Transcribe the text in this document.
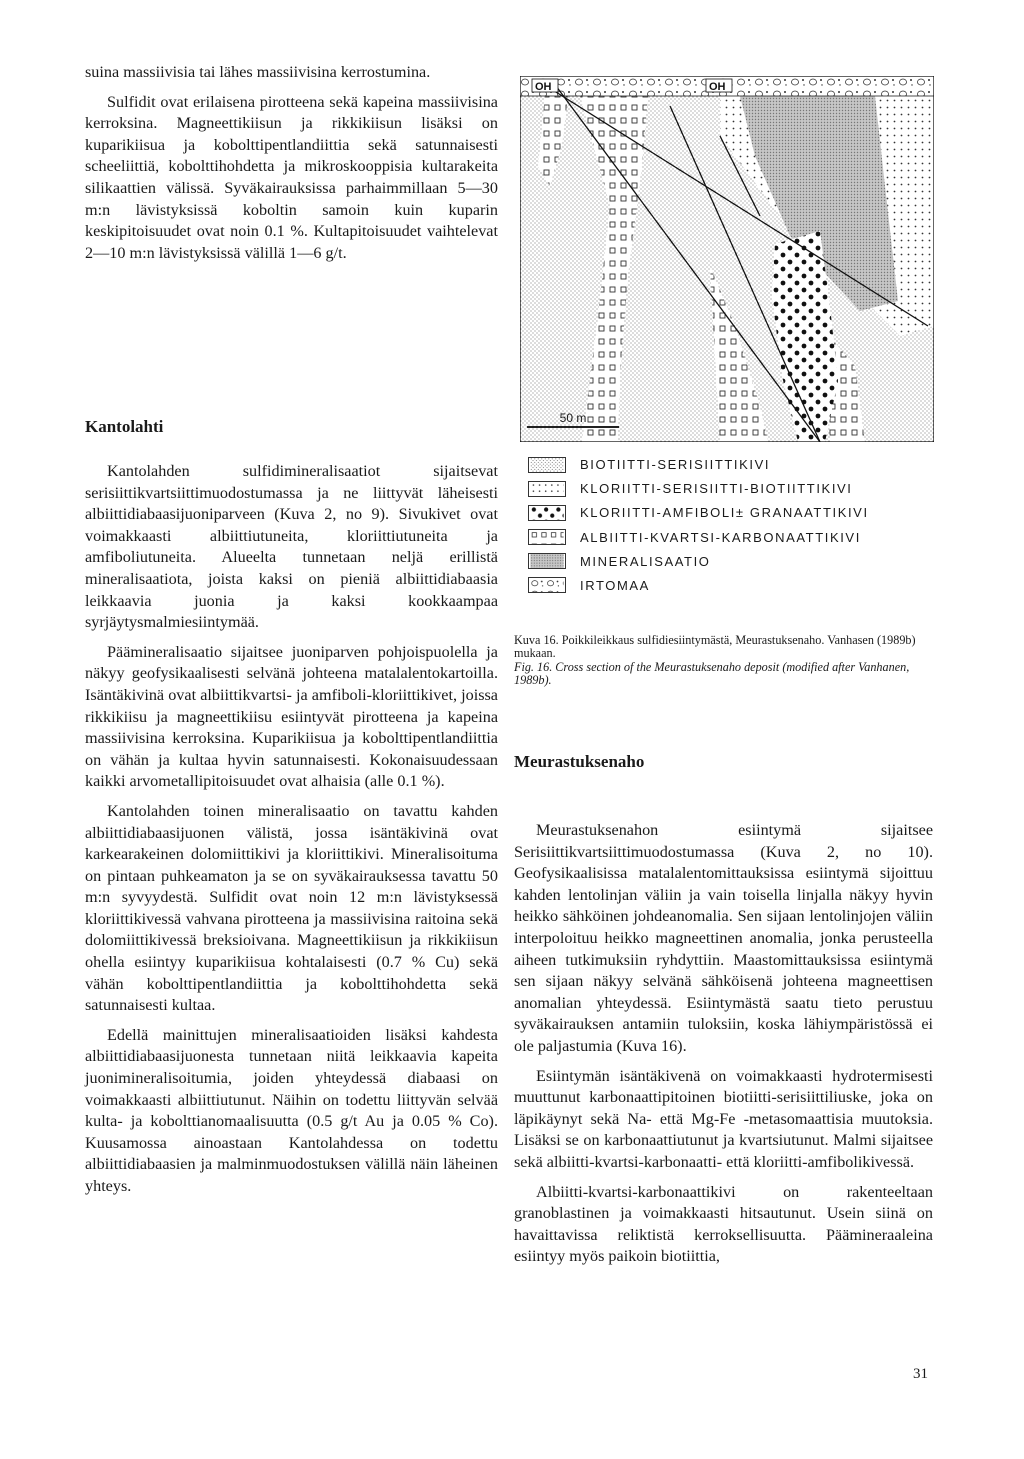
suina massiivisia tai lähes massiivisina kerrostumina.

Sulfidit ovat erilaisena pirotteena sekä kapeina massiivisina kerroksina. Magneettikiisun ja rikkikiisun lisäksi on kuparikiisua ja kobolttipentlandiittia sekä satunnaisesti scheeliittiä, kobolttihohdetta ja mikroskooppisia kultarakeita silikaattien välissä. Syväkairauksissa parhaimmillaan 5—30 m:n lävistyksissä koboltin samoin kuin kuparin keskipitoisuudet ovat noin 0.1 %. Kultapitoisuudet vaihtelevat 2—10 m:n lävistyksissä välillä 1—6 g/t.

Kantolahti

Kantolahden sulfidimineralisaatiot sijaitsevat serisiittikvartsiittimuodostumassa ja ne liittyvät läheisesti albiittidiabaasijuoniparveen (Kuva 2, no 9). Sivukivet ovat voimakkaasti albiittiutuneita, kloriittiutuneita ja amfiboliutuneita. Alueelta tunnetaan neljä erillistä mineralisaatiota, joista kaksi on pieniä albiittidiabaasia leikkaavia juonia ja kaksi kookkaampaa syrjäytysmalmiesiintymää.

Päämineralisaatio sijaitsee juoniparven pohjoispuolella ja näkyy geofysikaalisesti selvänä johteena matalalentokartoilla. Isäntäkivinä ovat albiittikvartsi- ja amfiboli-kloriittikivet, joissa rikkikiisu ja magneettikiisu esiintyvät pirotteena ja kapeina massiivisina kerroksina. Kuparikiisua ja kobolttipentlandiittia on vähän ja kultaa hyvin satunnaisesti. Kokonaisuudessaan kaikki arvometallipitoisuudet ovat alhaisia (alle 0.1 %).

Kantolahden toinen mineralisaatio on tavattu kahden albiittidiabaasijuonen välistä, jossa isäntäkivinä ovat karkearakeinen dolomiittikivi ja kloriittikivi. Mineralisoituma on pintaan puhkeamaton ja se on syväkairauksessa tavattu 50 m:n syvyydestä. Sulfidit ovat noin 12 m:n lävistyksessä kloriittikivessä vahvana pirotteena ja massiivisina raitoina sekä dolomiittikivessä breksioivana. Magneettikiisun ja rikkikiisun ohella esiintyy kuparikiisua kohtalaisesti (0.7 % Cu) sekä vähän kobolttipentlandiittia ja kobolttihohdetta sekä satunnaisesti kultaa.

Edellä mainittujen mineralisaatioiden lisäksi kahdesta albiittidiabaasijuonesta tunnetaan niitä leikkaavia kapeita juonimineralisoitumia, joiden yhteydessä diabaasi on voimakkaasti albiittiutunut. Näihin on todettu liittyvän selvää kulta- ja kobolttianomaalisuutta (0.5 g/t Au ja 0.05 % Co). Kuusamossa ainoastaan Kantolahdessa on todettu albiittidiabaasien ja malminmuodostuksen välillä näin läheinen yhteys.

OH	OH
50 m
BIOTIITTI-SERISIITTIKIVI
KLORIITTI-SERISIITTI-BIOTIITTIKIVI
KLORIITTI-AMFIBOLI± GRANAATTIKIVI
ALBIITTI-KVARTSI-KARBONAATTIKIVI
MINERALISAATIO
IRTOMAA

Kuva 16. Poikkileikkaus sulfidiesiintymästä, Meurastuksenaho. Vanhasen (1989b) mukaan.

Fig. 16. Cross section of the Meurastuksenaho deposit (modified after Vanhanen, 1989b).

Meurastuksenaho

Meurastuksenahon esiintymä sijaitsee Serisiittikvartsiittimuodostumassa (Kuva 2, no 10). Geofysikaalisissa matalalentomittauksissa esiintymä sijoittuu kahden lentolinjan väliin ja vain toisella linjalla näkyy hyvin heikko sähköinen johdeanomalia. Sen sijaan lentolinjojen väliin interpoloituu heikko magneettinen anomalia, jonka perusteella aiheen tutkimuksiin ryhdyttiin. Maastomittauksissa esiintymä sen sijaan näkyy selvänä sähköisenä johteena magneettisen anomalian yhteydessä. Esiintymästä saatu tieto perustuu syväkairauksen antamiin tuloksiin, koska lähiympäristössä ei ole paljastumia (Kuva 16).

Esiintymän isäntäkivenä on voimakkaasti hydrotermisesti muuttunut karbonaattipitoinen biotiitti-serisiittiliuske, joka on läpikäynyt sekä Na- että Mg-Fe -metasomaattisia muutoksia. Lisäksi se on karbonaattiutunut ja kvartsiutunut. Malmi sijaitsee sekä albiitti-kvartsi-karbonaatti- että kloriitti-amfibolikivessä.

Albiitti-kvartsi-karbonaattikivi on rakenteeltaan granoblastinen ja voimakkaasti hitsautunut. Usein siinä on havaittavissa reliktistä kerroksellisuutta. Päämineraaleina esiintyy myös paikoin biotiittia,

31
